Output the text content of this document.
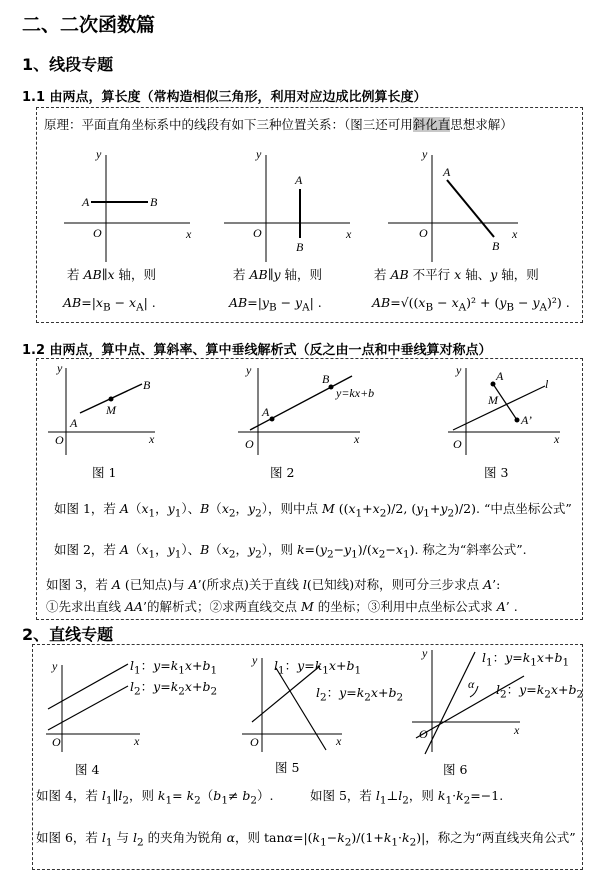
二、二次函数篇
1、线段专题
1.1 由两点，算长度（常构造相似三角形，利用对应边成比例算长度）
原理：平面直角坐标系中的线段有如下三种位置关系：（图三还可用斜化直思想求解）
y
A	B
O	x
y
A
B
O	x
y
A
B
O	x
若 AB∥x 轴，则
$AB=|x_B - x_A|$ .
若 AB∥y 轴，则
$AB=|y_B - y_A|$ .
若 AB 不平行 x 轴、y 轴，则
$AB=√((x_B - x_A)^2 + (y_B - y_A)^2)$ .
1.2 由两点，算中点、算斜率、算中垂线解析式（反之由一点和中垂线算对称点）
y
A
B
M
O	x
y
A
B
y=kx+b
O	x
y	A
M
A’
l
O	x
图 1	图 2	图 3
如图 1，若 $A(x_1$，$y_1$）、$B(x_2$，$y_2$），则中点 M ($(x_1+x_2)/2$, $(y_1+y_2)/2$). “中点坐标公式”
如图 2，若 $A(x_1$，$y_1$）、$B(x_2$，$y_2$），则 $k=(y_2-y_1)/(x_2-x_1)$. 称之为“斜率公式”.
如图 3，若 A (已知点)与 A’(所求点)关于直线 l(已知线)对称，则可分三步求点 A’:
①先求出直线 AA’的解析式；②求两直线交点 M 的坐标；③利用中点坐标公式求 A’ .
2、直线专题
y
O	x
y
O	x
y
α
O	x
$l_1$：$y=k_1x+b_1$
$l_2$：$y=k_2x+b_2$
$l_1$：$y=k_1x+b_1$
$l_2$：$y=k_2x+b_2$
$l_1$：$y=k_1x+b_1$
$l_2$：$y=k_2x+b_2$
图 4	图 5	图 6
如图 4，若 $l_1\parallel l_2$，则 $k_1= k_2(b_1\ne b_2)$.	如图 5，若 $l_1\perp l_2$，则 $k_1\cdot k_2=-1$.
如图 6，若 $l_1$ 与 $l_2$ 的夹角为锐角 α，则 $\tan\alpha=|(k_1-k_2)/(1+k_1\cdot k_2)|$，称之为“两直线夹角公式” .
